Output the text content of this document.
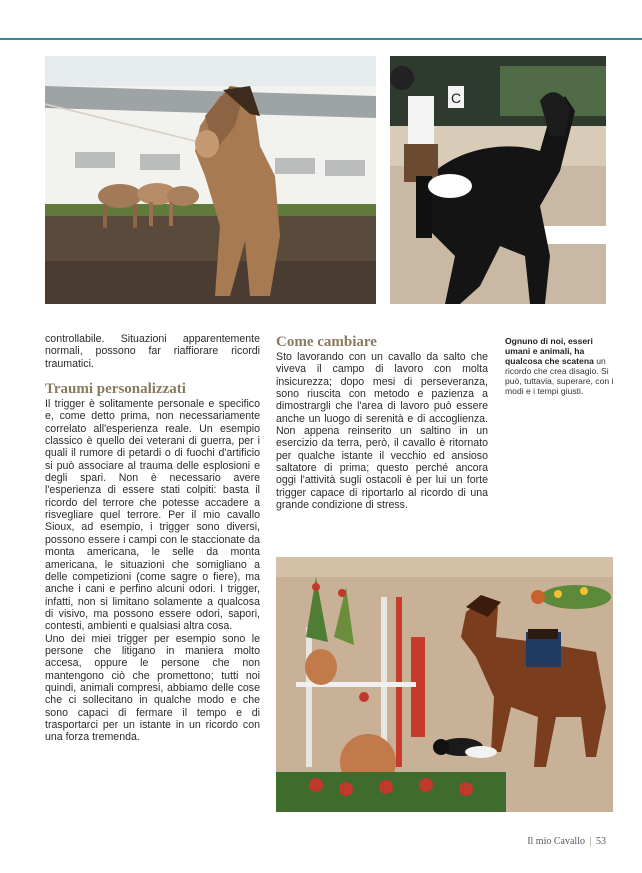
C

controllabile. Situazioni apparentemente normali, possono far riaffiorare ricordi traumatici.

Traumi personalizzati

Il trigger è solitamente personale e specifico e, come detto prima, non necessariamente correlato all'esperienza reale. Un esempio classico è quello dei veterani di guerra, per i quali il rumore di petardi o di fuochi d'artificio si può associare al trauma delle esplosioni e degli spari. Non è necessario avere l'esperienza di essere stati colpiti: basta il ricordo del terrore che potesse accadere a risvegliare quel terrore. Per il mio cavallo Sioux, ad esempio, i trigger sono diversi, possono essere i campi con le staccionate da monta americana, le selle da monta americana, le situazioni che somigliano a delle competizioni (come sagre o fiere), ma anche i cani e perfino alcuni odori. I trigger, infatti, non si limitano solamente a qualcosa di visivo, ma possono essere odori, sapori, contesti, ambienti e qualsiasi altra cosa.

Uno dei miei trigger per esempio sono le persone che litigano in maniera molto accesa, oppure le persone che non mantengono ciò che promettono; tutti noi quindi, animali compresi, abbiamo delle cose che ci sollecitano in qualche modo e che sono capaci di fermare il tempo e di trasportarci per un istante in un ricordo con una forza tremenda.

Come cambiare

Sto lavorando con un cavallo da salto che viveva il campo di lavoro con molta insicurezza; dopo mesi di perseveranza, sono riuscita con metodo e pazienza a dimostrargli che l'area di lavoro può essere anche un luogo di serenità e di accoglienza. Non appena reinserito un saltino in un esercizio da terra, però, il cavallo è ritornato per qualche istante il vecchio ed ansioso saltatore di prima; questo perché ancora oggi l'attività sugli ostacoli è per lui un forte trigger capace di riportarlo al ricordo di una grande condizione di stress.

Ognuno di noi, esseri umani e animali, ha qualcosa che scatena un ricordo che crea disagio. Si può, tuttavia, superare, con i modi e i tempi giusti.
Il mio Cavallo | 53
